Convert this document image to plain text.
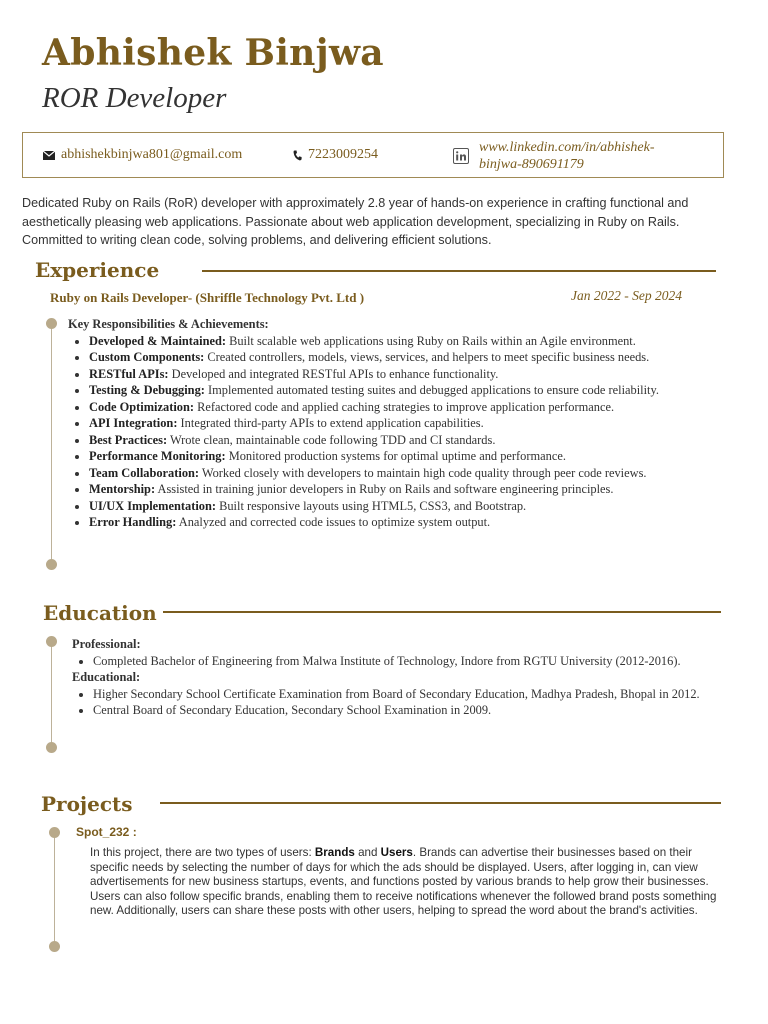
Abhishek Binjwa
ROR Developer
abhishekbinjwa801@gmail.com	7223009254	www.linkedin.com/in/abhishek-
binjwa-890691179
Dedicated Ruby on Rails (RoR) developer with approximately 2.8 year of hands-on experience in crafting functional and aesthetically pleasing web applications. Passionate about web application development, specializing in Ruby on Rails. Committed to writing clean code, solving problems, and delivering efficient solutions.
Experience
Ruby on Rails Developer- (Shriffle Technology Pvt. Ltd )	Jan 2022 - Sep 2024
Key Responsibilities & Achievements:
• Developed & Maintained: Built scalable web applications using Ruby on Rails within an Agile environment.
• Custom Components: Created controllers, models, views, services, and helpers to meet specific business needs.
• RESTful APIs: Developed and integrated RESTful APIs to enhance functionality.
• Testing & Debugging: Implemented automated testing suites and debugged applications to ensure code reliability.
• Code Optimization: Refactored code and applied caching strategies to improve application performance.
• API Integration: Integrated third-party APIs to extend application capabilities.
• Best Practices: Wrote clean, maintainable code following TDD and CI standards.
• Performance Monitoring: Monitored production systems for optimal uptime and performance.
• Team Collaboration: Worked closely with developers to maintain high code quality through peer code reviews.
• Mentorship: Assisted in training junior developers in Ruby on Rails and software engineering principles.
• UI/UX Implementation: Built responsive layouts using HTML5, CSS3, and Bootstrap.
• Error Handling: Analyzed and corrected code issues to optimize system output.
Education
Professional:
• Completed Bachelor of Engineering from Malwa Institute of Technology, Indore from RGTU University (2012-2016).
Educational:
• Higher Secondary School Certificate Examination from Board of Secondary Education, Madhya Pradesh, Bhopal in 2012.
• Central Board of Secondary Education, Secondary School Examination in 2009.
Projects
Spot_232 :
In this project, there are two types of users: Brands and Users. Brands can advertise their businesses based on their specific needs by selecting the number of days for which the ads should be displayed. Users, after logging in, can view advertisements for new business startups, events, and functions posted by various brands to help grow their businesses. Users can also follow specific brands, enabling them to receive notifications whenever the followed brand posts something new. Additionally, users can share these posts with other users, helping to spread the word about the brand's activities.
